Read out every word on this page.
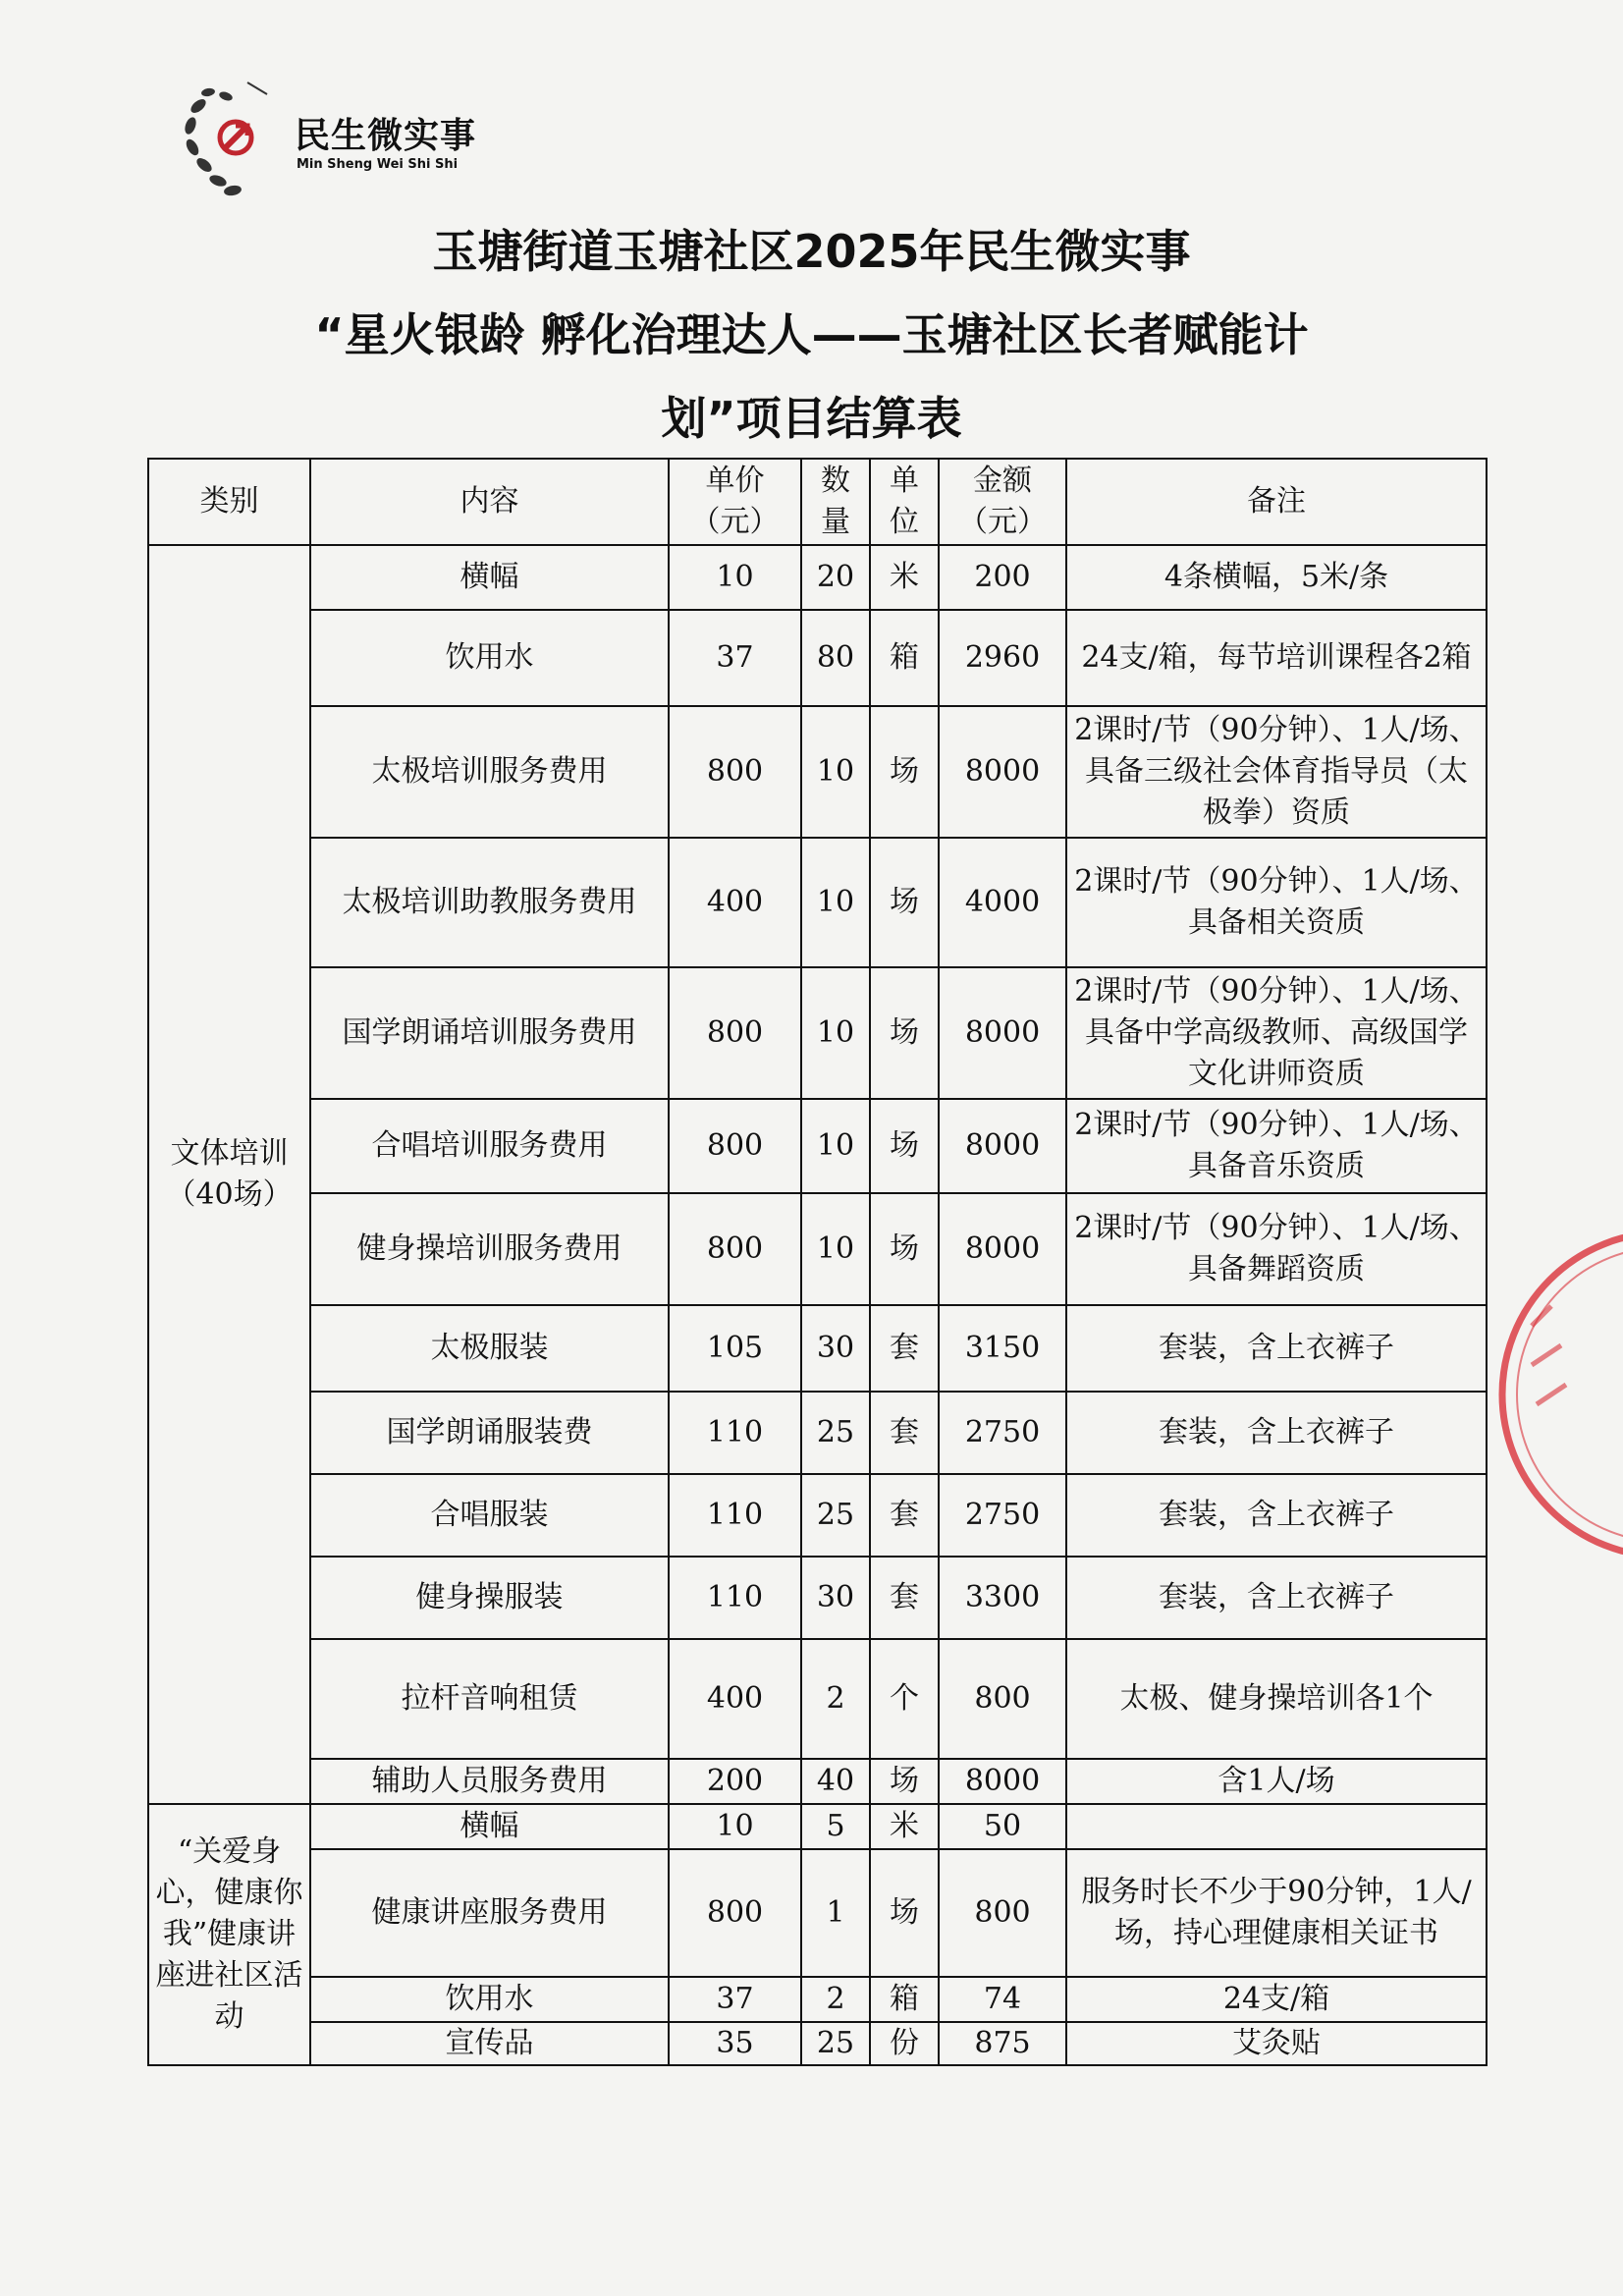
民生微实事
Min Sheng Wei Shi Shi
玉塘街道玉塘社区2025年民生微实事
“星火银龄 孵化治理达人——玉塘社区长者赋能计
划”项目结算表
类别	内容	单价（元）	数量	单位	金额（元）	备注
文体培训（40场）	横幅	10	20	米	200	4条横幅，5米/条
	饮用水	37	80	箱	2960	24支/箱，每节培训课程各2箱
	太极培训服务费用	800	10	场	8000	2课时/节（90分钟）、1人/场、具备三级社会体育指导员（太极拳）资质
	太极培训助教服务费用	400	10	场	4000	2课时/节（90分钟）、1人/场、具备相关资质
	国学朗诵培训服务费用	800	10	场	8000	2课时/节（90分钟）、1人/场、具备中学高级教师、高级国学文化讲师资质
	合唱培训服务费用	800	10	场	8000	2课时/节（90分钟）、1人/场、具备音乐资质
	健身操培训服务费用	800	10	场	8000	2课时/节（90分钟）、1人/场、具备舞蹈资质
	太极服装	105	30	套	3150	套装，含上衣裤子
	国学朗诵服装费	110	25	套	2750	套装，含上衣裤子
	合唱服装	110	25	套	2750	套装，含上衣裤子
	健身操服装	110	30	套	3300	套装，含上衣裤子
	拉杆音响租赁	400	2	个	800	太极、健身操培训各1个
	辅助人员服务费用	200	40	场	8000	含1人/场
“关爱身心，健康你我”健康讲座进社区活动	横幅	10	5	米	50	
	健康讲座服务费用	800	1	场	800	服务时长不少于90分钟，1人/场，持心理健康相关证书
	饮用水	37	2	箱	74	24支/箱
	宣传品	35	25	份	875	艾灸贴
